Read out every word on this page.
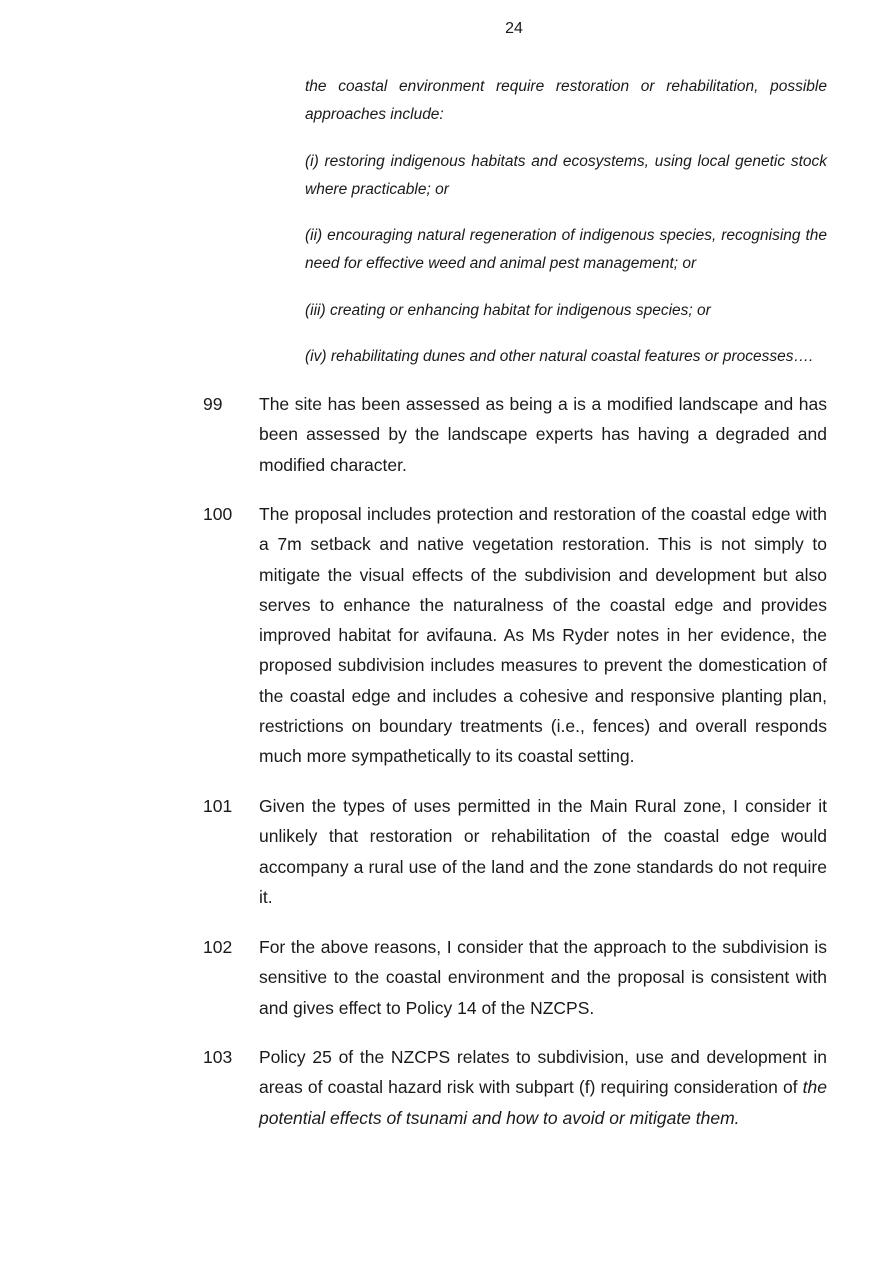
24

the coastal environment require restoration or rehabilitation, possible approaches include:

(i) restoring indigenous habitats and ecosystems, using local genetic stock where practicable; or

(ii) encouraging natural regeneration of indigenous species, recognising the need for effective weed and animal pest management; or

(iii) creating or enhancing habitat for indigenous species; or

(iv) rehabilitating dunes and other natural coastal features or processes….

99 The site has been assessed as being a is a modified landscape and has been assessed by the landscape experts has having a degraded and modified character.
100 The proposal includes protection and restoration of the coastal edge with a 7m setback and native vegetation restoration. This is not simply to mitigate the visual effects of the subdivision and development but also serves to enhance the naturalness of the coastal edge and provides improved habitat for avifauna. As Ms Ryder notes in her evidence, the proposed subdivision includes measures to prevent the domestication of the coastal edge and includes a cohesive and responsive planting plan, restrictions on boundary treatments (i.e., fences) and overall responds much more sympathetically to its coastal setting.
101 Given the types of uses permitted in the Main Rural zone, I consider it unlikely that restoration or rehabilitation of the coastal edge would accompany a rural use of the land and the zone standards do not require it.
102 For the above reasons, I consider that the approach to the subdivision is sensitive to the coastal environment and the proposal is consistent with and gives effect to Policy 14 of the NZCPS.
103 Policy 25 of the NZCPS relates to subdivision, use and development in areas of coastal hazard risk with subpart (f) requiring consideration of the potential effects of tsunami and how to avoid or mitigate them.
